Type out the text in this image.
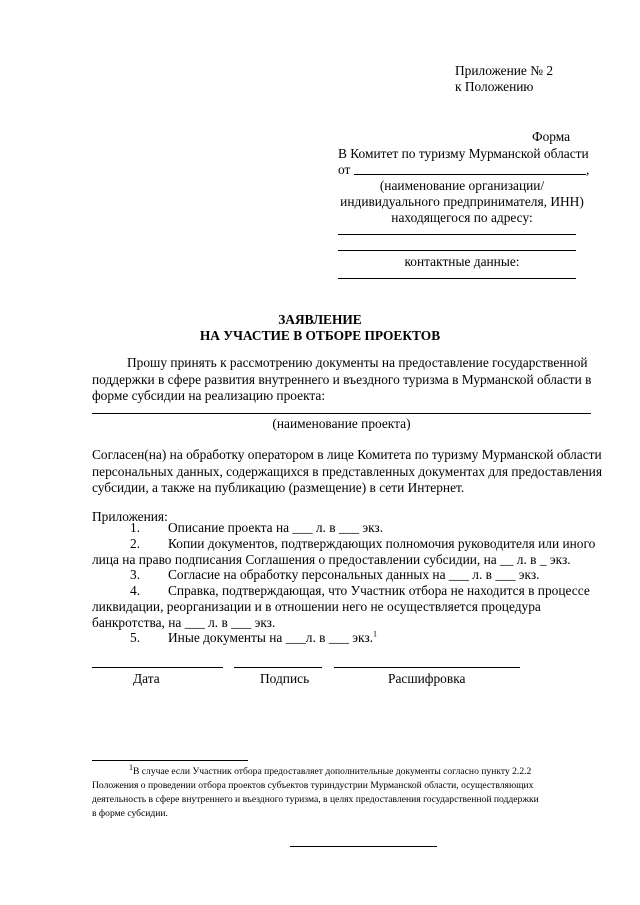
Приложение № 2
к Положению
Форма
В Комитет по туризму Мурманской области
от	,
(наименование организации/
индивидуального предпринимателя, ИНН)
находящегося по адресу:
контактные данные:
ЗАЯВЛЕНИЕ
НА УЧАСТИЕ В ОТБОРЕ ПРОЕКТОВ
Прошу принять к рассмотрению документы на предоставление государственной
поддержки в сфере развития внутреннего и въездного туризма в Мурманской области в
форме субсидии на реализацию проекта:
(наименование проекта)
Согласен(на) на обработку оператором в лице Комитета по туризму Мурманской области
персональных данных, содержащихся в представленных документах для предоставления
субсидии, а также на публикацию (размещение) в сети Интернет.
Приложения:
1. Описание проекта на ___ л. в ___ экз.
2. Копии документов, подтверждающих полномочия руководителя или иного
лица на право подписания Соглашения о предоставлении субсидии, на __ л. в _ экз.
3. Согласие на обработку персональных данных на ___ л. в ___ экз.
4. Справка, подтверждающая, что Участник отбора не находится в процессе
ликвидации, реорганизации и в отношении него не осуществляется процедура
банкротства, на ___ л. в ___ экз.
5. Иные документы на ___л. в ___ экз.$^1$
Дата	Подпись	Расшифровка
$^1$В случае если Участник отбора предоставляет дополнительные документы согласно пункту 2.2.2
Положения о проведении отбора проектов субъектов туриндустрии Мурманской области, осуществляющих
деятельность в сфере внутреннего и въездного туризма, в целях предоставления государственной поддержки
в форме субсидии.
